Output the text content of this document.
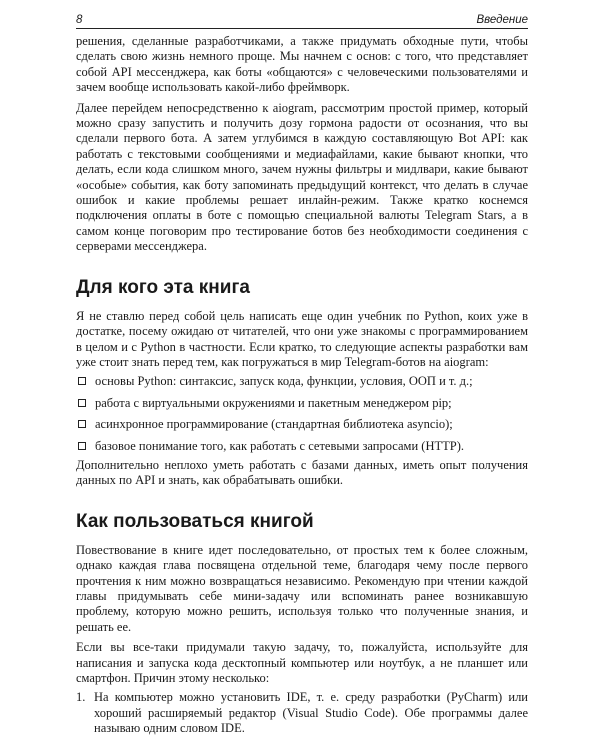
8	Введение

решения, сделанные разработчиками, а также придумать обходные пути, чтобы сделать свою жизнь немного проще. Мы начнем с основ: с того, что представляет собой API мессенджера, как боты «общаются» с человеческими пользователями и зачем вообще использовать какой-либо фреймворк.

Далее перейдем непосредственно к aiogram, рассмотрим простой пример, который можно сразу запустить и получить дозу гормона радости от осознания, что вы сделали первого бота. А затем углубимся в каждую составляющую Bot API: как работать с текстовыми сообщениями и медиафайлами, какие бывают кнопки, что делать, если кода слишком много, зачем нужны фильтры и мидлвари, какие бывают «особые» события, как боту запоминать предыдущий контекст, что делать в случае ошибок и какие проблемы решает инлайн-режим. Также кратко коснемся подключения оплаты в боте с помощью специальной валюты Telegram Stars, а в самом конце поговорим про тестирование ботов без необходимости соединения с серверами мессенджера.

Для кого эта книга

Я не ставлю перед собой цель написать еще один учебник по Python, коих уже в достатке, посему ожидаю от читателей, что они уже знакомы с программированием в целом и с Python в частности. Если кратко, то следующие аспекты разработки вам уже стоит знать перед тем, как погружаться в мир Telegram-ботов на aiogram:

основы Python: синтаксис, запуск кода, функции, условия, ООП и т. д.;
работа с виртуальными окружениями и пакетным менеджером pip;
асинхронное программирование (стандартная библиотека asyncio);
базовое понимание того, как работать с сетевыми запросами (HTTP).

Дополнительно неплохо уметь работать с базами данных, иметь опыт получения данных по API и знать, как обрабатывать ошибки.

Как пользоваться книгой

Повествование в книге идет последовательно, от простых тем к более сложным, однако каждая глава посвящена отдельной теме, благодаря чему после первого прочтения к ним можно возвращаться независимо. Рекомендую при чтении каждой главы придумывать себе мини-задачу или вспоминать ранее возникавшую проблему, которую можно решить, используя только что полученные знания, и решать ее.

Если вы все-таки придумали такую задачу, то, пожалуйста, используйте для написания и запуска кода десктопный компьютер или ноутбук, а не планшет или смартфон. Причин этому несколько:

1. На компьютер можно установить IDE, т. е. среду разработки (PyCharm) или хороший расширяемый редактор (Visual Studio Code). Обе программы далее называю одним словом IDE.
